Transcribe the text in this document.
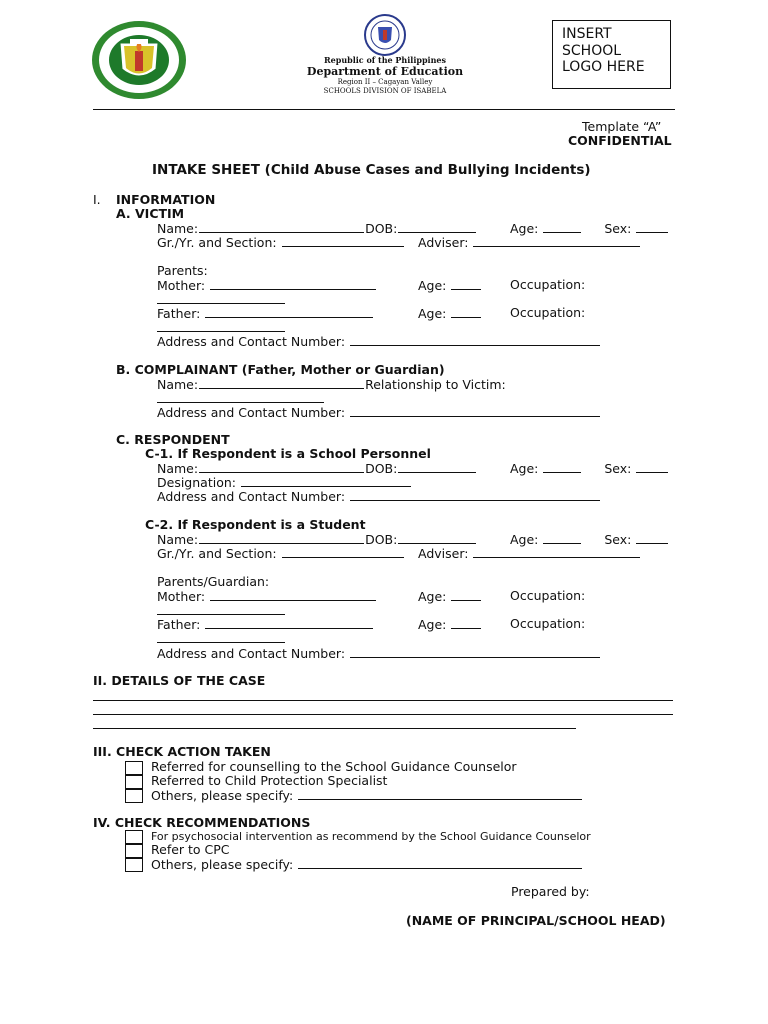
Republic of the Philippines
Department of Education
Region II – Cagayan Valley
SCHOOLS DIVISION OF ISABELA
INSERT
SCHOOL
LOGO HERE
Template “A”
CONFIDENTIAL
INTAKE SHEET (Child Abuse Cases and Bullying Incidents)
I. INFORMATION
A. VICTIM
Name:	DOB:	Age:	Sex:
Gr./Yr. and Section:	Adviser:
Parents:
Mother:	Age:	Occupation:
Father:	Age:	Occupation:
Address and Contact Number:
B. COMPLAINANT (Father, Mother or Guardian)
Name:	Relationship to Victim:
Address and Contact Number:
C. RESPONDENT
C-1. If Respondent is a School Personnel
Name:	DOB:	Age:	Sex:
Designation:
Address and Contact Number:
C-2. If Respondent is a Student
Name:	DOB:	Age:	Sex:
Gr./Yr. and Section:	Adviser:
Parents/Guardian:
Mother:	Age:	Occupation:
Father:	Age:	Occupation:
Address and Contact Number:
II. DETAILS OF THE CASE
III. CHECK ACTION TAKEN
Referred for counselling to the School Guidance Counselor
Referred to Child Protection Specialist
Others, please specify:
IV. CHECK RECOMMENDATIONS
For psychosocial intervention as recommend by the School Guidance Counselor
Refer to CPC
Others, please specify:
Prepared by:
(NAME OF PRINCIPAL/SCHOOL HEAD)
